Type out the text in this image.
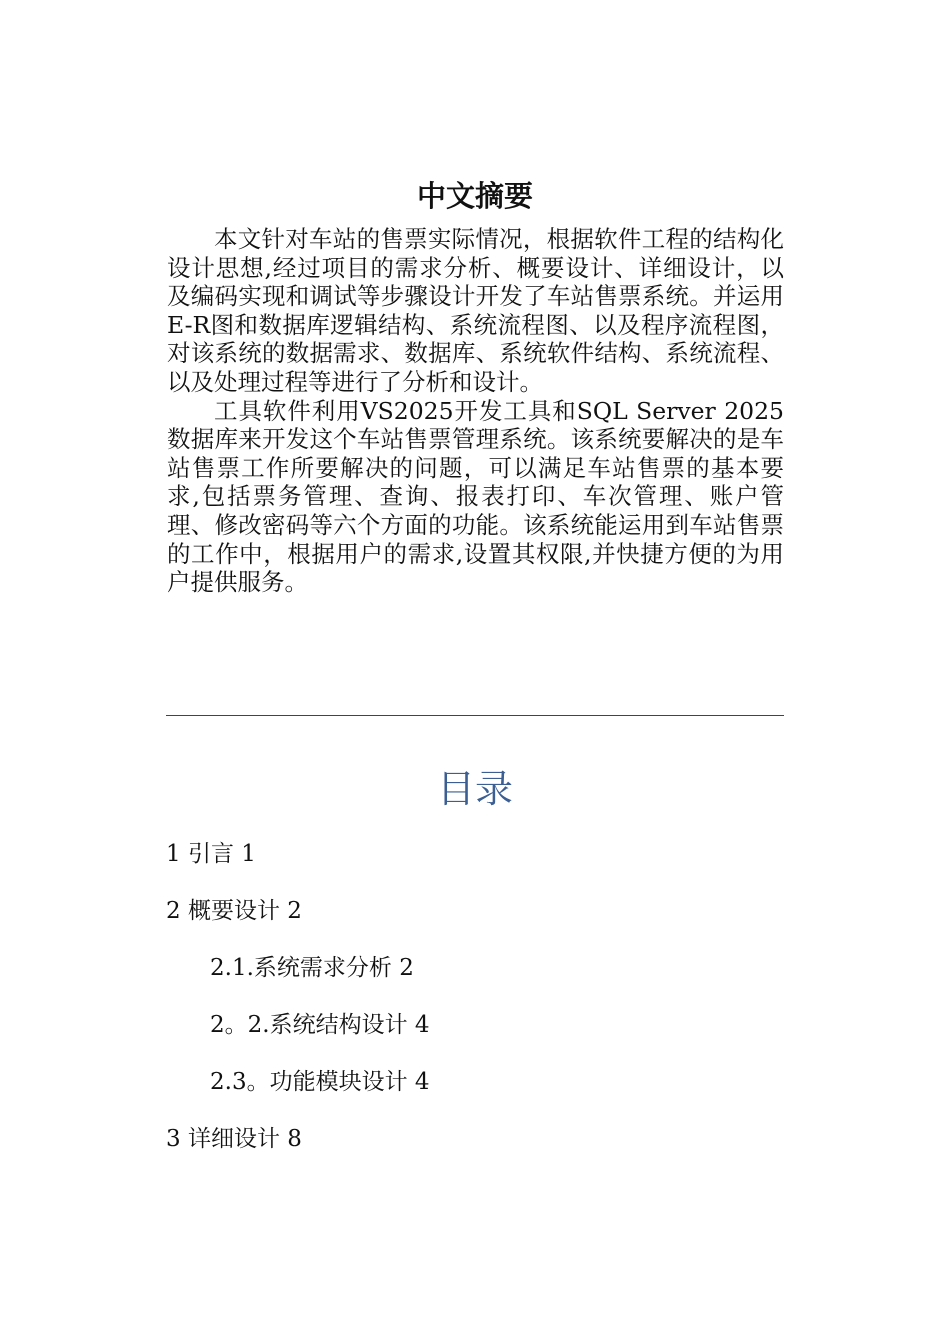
中文摘要

本文针对车站的售票实际情况，根据软件工程的结构化设计思想,经过项目的需求分析、概要设计、详细设计，以及编码实现和调试等步骤设计开发了车站售票系统。并运用E-R图和数据库逻辑结构、系统流程图、以及程序流程图，对该系统的数据需求、数据库、系统软件结构、系统流程、以及处理过程等进行了分析和设计。

工具软件利用VS2025开发工具和SQL Server 2025数据库来开发这个车站售票管理系统。该系统要解决的是车站售票工作所要解决的问题，可以满足车站售票的基本要求,包括票务管理、查询、报表打印、车次管理、账户管理、修改密码等六个方面的功能。该系统能运用到车站售票的工作中，根据用户的需求,设置其权限,并快捷方便的为用户提供服务。

目录
1 引言 1
2 概要设计 2
2.1.系统需求分析 2
2。2.系统结构设计 4
2.3。功能模块设计 4
3 详细设计 8
